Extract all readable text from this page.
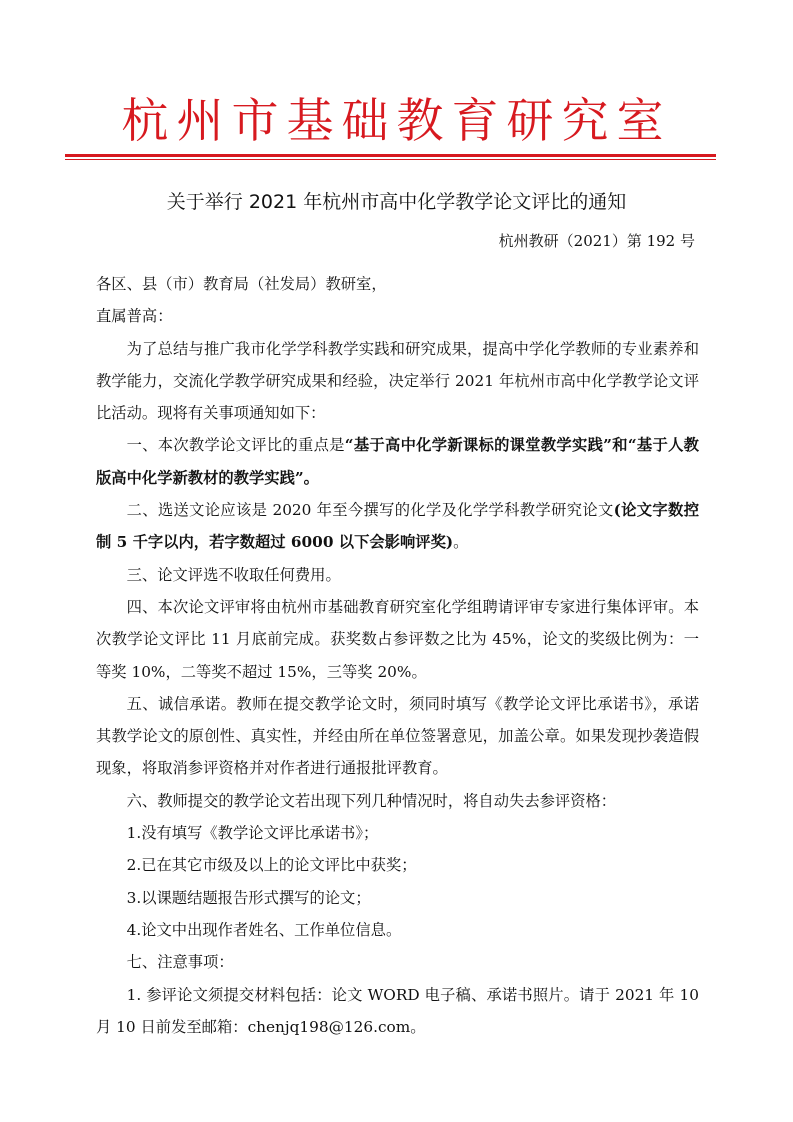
杭州市基础教育研究室
关于举行 2021 年杭州市高中化学教学论文评比的通知
杭州教研（2021）第 192 号

各区、县（市）教育局（社发局）教研室，

直属普高：

为了总结与推广我市化学学科教学实践和研究成果，提高中学化学教师的专业素养和教学能力，交流化学教学研究成果和经验，决定举行 2021 年杭州市高中化学教学论文评比活动。现将有关事项通知如下：

一、本次教学论文评比的重点是“基于高中化学新课标的课堂教学实践”和“基于人教版高中化学新教材的教学实践”。

二、选送文论应该是 2020 年至今撰写的化学及化学学科教学研究论文(论文字数控制 5 千字以内，若字数超过 6000 以下会影响评奖)。

三、论文评选不收取任何费用。

四、本次论文评审将由杭州市基础教育研究室化学组聘请评审专家进行集体评审。本次教学论文评比 11 月底前完成。获奖数占参评数之比为 45%，论文的奖级比例为：一等奖 10%，二等奖不超过 15%，三等奖 20%。

五、诚信承诺。教师在提交教学论文时，须同时填写《教学论文评比承诺书》，承诺其教学论文的原创性、真实性，并经由所在单位签署意见，加盖公章。如果发现抄袭造假现象，将取消参评资格并对作者进行通报批评教育。

六、教师提交的教学论文若出现下列几种情况时，将自动失去参评资格：

1.没有填写《教学论文评比承诺书》；

2.已在其它市级及以上的论文评比中获奖；

3.以课题结题报告形式撰写的论文；

4.论文中出现作者姓名、工作单位信息。

七、注意事项：

1. 参评论文须提交材料包括：论文 WORD 电子稿、承诺书照片。请于 2021 年 10 月 10 日前发至邮箱：chenjq198@126.com。
